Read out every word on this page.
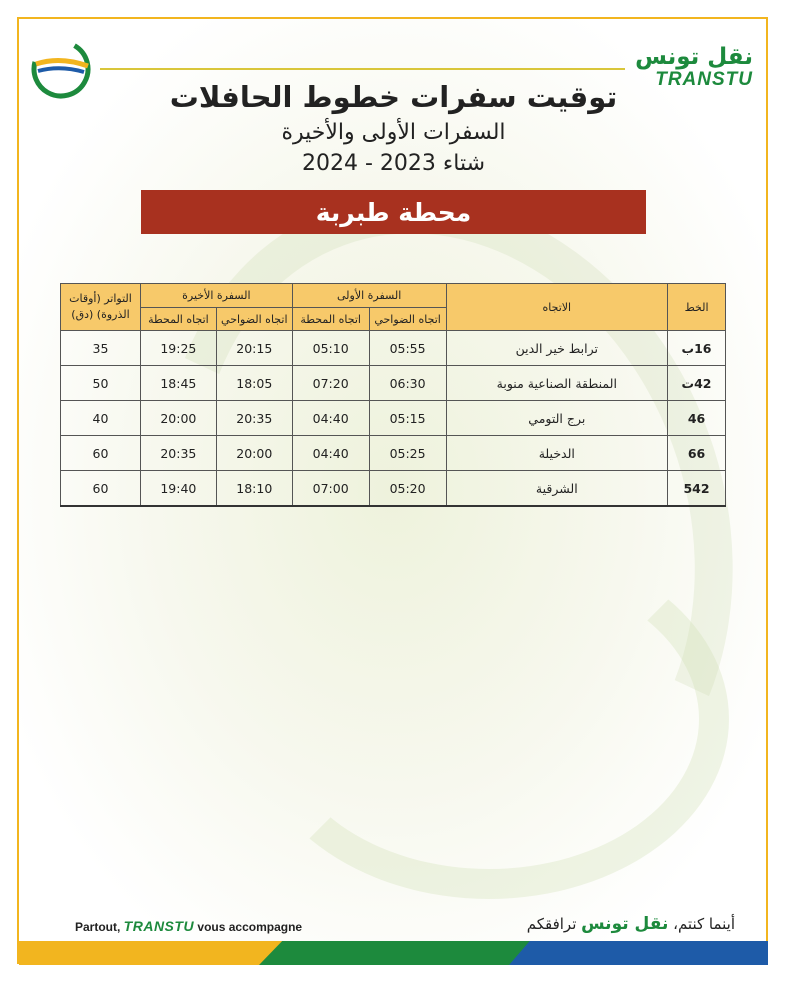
نقل تونس
TRANSTU
توقيت سفرات خطوط الحافلات
السفرات الأولى والأخيرة
شتاء 2023 - 2024
محطة طبربة
الخط	الاتجاه	السفرة الأولى		السفرة الأخيرة		التواتر (أوقات الذروة) (دق)
		اتجاه الضواحي	اتجاه المحطة	اتجاه الضواحي	اتجاه المحطة	
16ب	ترابط خير الدين	05:55	05:10	20:15	19:25	35
42ت	المنطقة الصناعية منوبة	06:30	07:20	18:05	18:45	50
46	برج التومي	05:15	04:40	20:35	20:00	40
66	الدخيلة	05:25	04:40	20:00	20:35	60
542	الشرقية	05:20	07:00	18:10	19:40	60
Partout, TRANSTU vous accompagne	أينما كنتم، نقل تونس ترافقكم
